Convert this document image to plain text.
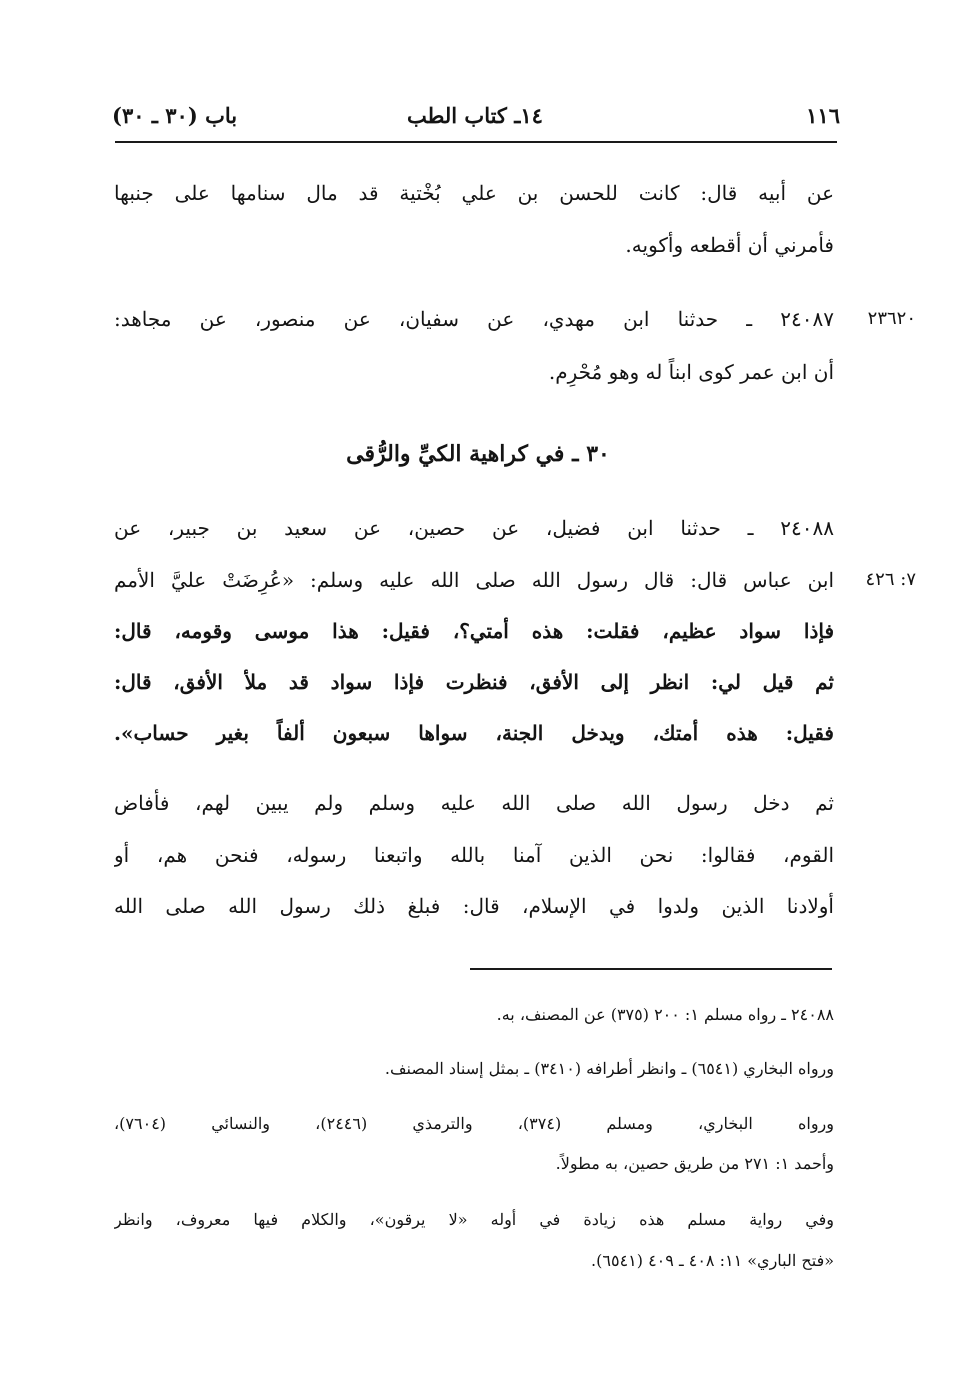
١١٦
١٤ـ كتاب الطب
باب (٣٠ ـ ٣٠)
عن أبيه قال: كانت للحسن بن علي بُخْتية قد مال سنامها على جنبها
فأمرني أن أقطعه وأكويه.
٢٣٦٢٠
٢٤٠٨٧ ـ حدثنا ابن مهدي، عن سفيان، عن منصور، عن مجاهد:
أن ابن عمر كوى ابناً له وهو مُحْرِم.
٣٠ ـ في كراهية الكيِّ والرُّقى
٢٤٠٨٨ ـ حدثنا ابن فضيل، عن حصين، عن سعيد بن جبير، عن
٧: ٤٢٦
ابن عباس قال: قال رسول الله صلى الله عليه وسلم: «عُرِضَتْ عليَّ الأمم
فإذا سواد عظيم، فقلت: هذه أمتي؟، فقيل: هذا موسى وقومه، قال:
ثم قيل لي: انظر إلى الأفق، فنظرت فإذا سواد قد ملأ الأفق، قال:
فقيل: هذه أمتك، ويدخل الجنة، سواها سبعون ألفاً بغير حساب».
ثم دخل رسول الله صلى الله عليه وسلم ولم يبين لهم، فأفاض
القوم، فقالوا: نحن الذين آمنا بالله واتبعنا رسوله، فنحن هم، أو
أولادنا الذين ولدوا في الإسلام، قال: فبلغ ذلك رسول الله صلى الله
٢٤٠٨٨ ـ رواه مسلم ١: ٢٠٠ (٣٧٥) عن المصنف، به.
ورواه البخاري (٦٥٤١) ـ وانظر أطرافه (٣٤١٠) ـ بمثل إسناد المصنف.
ورواه البخاري، ومسلم (٣٧٤)، والترمذي (٢٤٤٦)، والنسائي (٧٦٠٤)،
وأحمد ١: ٢٧١ من طريق حصين، به مطولاً.
وفي رواية مسلم هذه زيادة في أوله «لا يرقون»، والكلام فيها معروف، وانظر
«فتح الباري» ١١: ٤٠٨ ـ ٤٠٩ (٦٥٤١).
